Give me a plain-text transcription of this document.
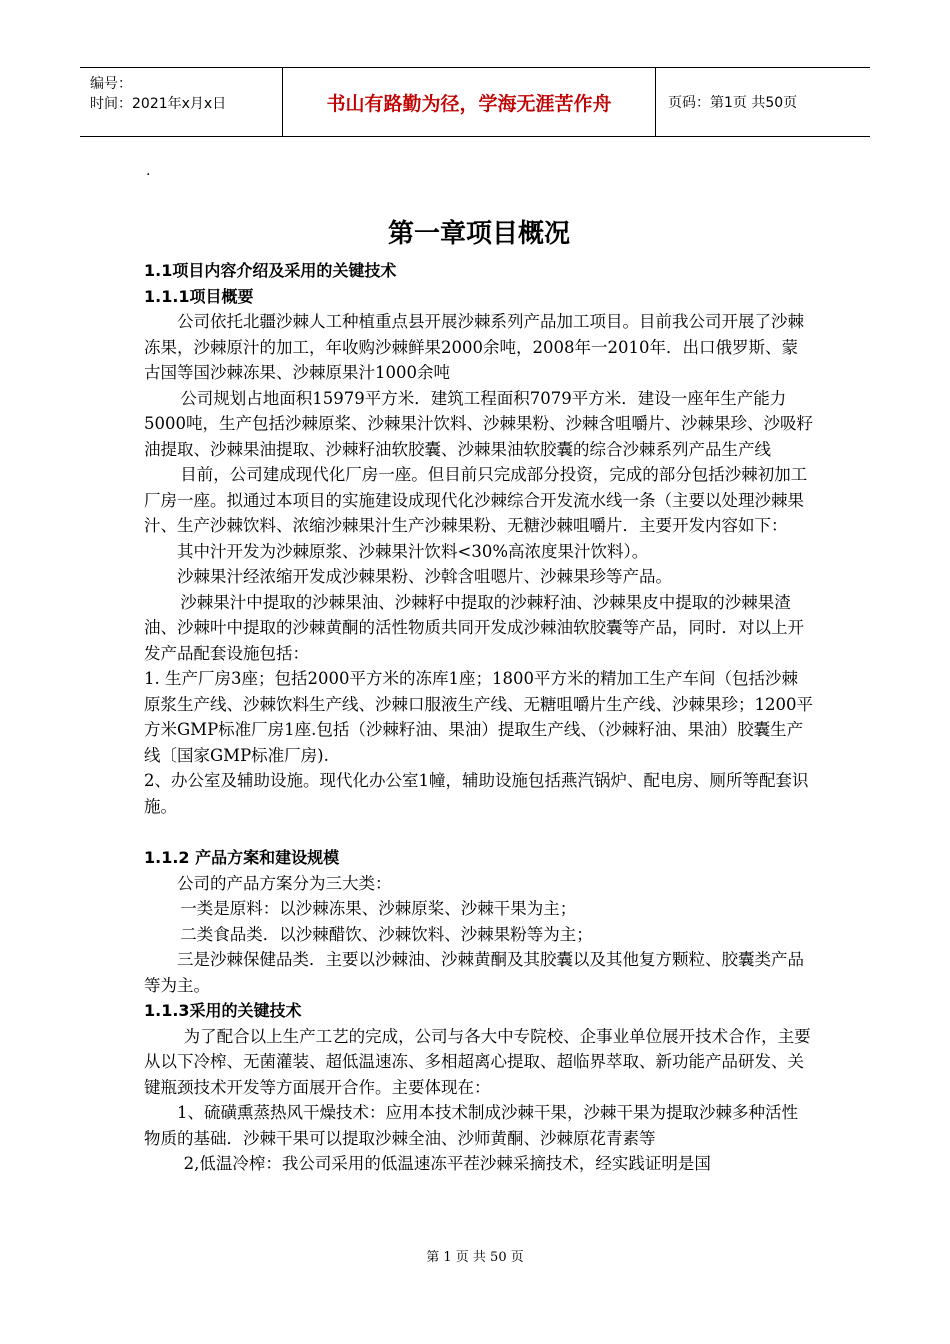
编号：
时间：2021年x月x日	书山有路勤为径，学海无涯苦作舟	页码：第1页 共50页
.

第一章项目概况

1.1项目内容介绍及采用的关键技术

1.1.1项目概要

公司依托北疆沙棘人工种植重点县开展沙棘系列产品加工项目。目前我公司开展了沙棘冻果，沙棘原汁的加工，年收购沙棘鲜果2000余吨，2008年一2010年．出口俄罗斯、蒙古国等国沙棘冻果、沙棘原果汁1000余吨

公司规划占地面积15979平方米．建筑工程面积7079平方米．建设一座年生产能力5000吨，生产包括沙棘原桨、沙棘果汁饮料、沙棘果粉、沙棘含咀嚼片、沙棘果珍、沙吸籽油提取、沙棘果油提取、沙棘籽油软胶囊、沙棘果油软胶囊的综合沙棘系列产品生产线

目前，公司建成现代化厂房一座。但目前只完成部分投资，完成的部分包括沙棘初加工厂房一座。拟通过本项目的实施建设成现代化沙棘综合开发流水线一条（主要以处理沙棘果汁、生产沙棘饮料、浓缩沙棘果汁生产沙棘果粉、无糖沙棘咀嚼片．主要开发内容如下：

其中汁开发为沙棘原浆、沙棘果汁饮料<30%高浓度果汁饮料）。

沙棘果汁经浓缩开发成沙棘果粉、沙斡含咀嗯片、沙棘果珍等产品。

沙棘果汁中提取的沙棘果油、沙棘籽中提取的沙棘籽油、沙棘果皮中提取的沙棘果渣油、沙棘叶中提取的沙棘黄酮的活性物质共同开发成沙棘油软胶囊等产品，同时．对以上开发产品配套设施包括：

1. 生产厂房3座；包括2000平方米的冻库1座；1800平方米的精加工生产车间（包括沙棘原浆生产线、沙棘饮料生产线、沙棘口服液生产线、无糖咀嚼片生产线、沙棘果珍；1200平方米GMP标准厂房1座.包括（沙棘籽油、果油）提取生产线、（沙棘籽油、果油）胶囊生产线〔国家GMP标准厂房).

2、办公室及辅助设施。现代化办公室1幢，辅助设施包括燕汽锅炉、配电房、厕所等配套识施。

1.1.2 产品方案和建设规模

公司的产品方案分为三大类：

一类是原料：以沙棘冻果、沙棘原桨、沙棘干果为主；

二类食品类．以沙棘醋饮、沙棘饮料、沙棘果粉等为主；

三是沙棘保健品类．主要以沙棘油、沙棘黄酮及其胶囊以及其他复方颗粒、胶囊类产品等为主。

1.1.3采用的关键技术

为了配合以上生产工艺的完成，公司与各大中专院校、企事业单位展开技术合作，主要从以下冷榨、无菌灌装、超低温速冻、多相超离心提取、超临界萃取、新功能产品研发、关键瓶颈技术开发等方面展开合作。主要体现在：

1、硫磺熏蒸热风干燥技术：应用本技术制成沙棘干果，沙棘干果为提取沙棘多种活性物质的基础．沙棘干果可以提取沙棘全油、沙师黄酮、沙棘原花青素等

2,低温冷榨：我公司采用的低温速冻平茬沙棘采摘技术，经实践证明是国

第 1 页 共 50 页
